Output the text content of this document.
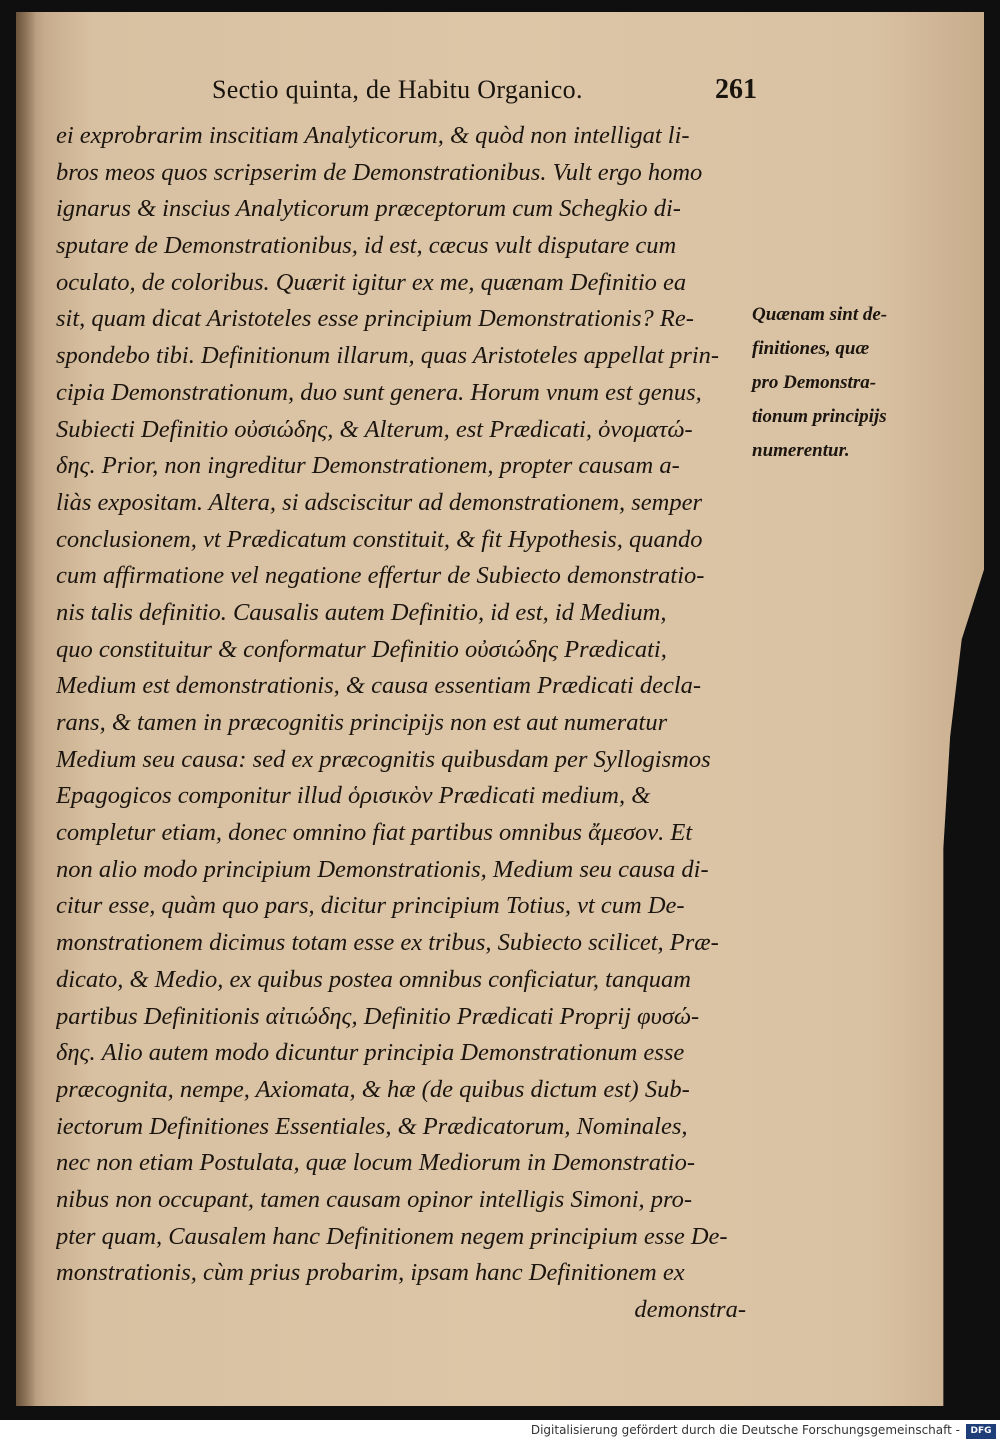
Sectio quinta, de Habitu Organico.	261
ei exprobrarim inscitiam Analyticorum, & quòd non intelligat li-
bros meos quos scripserim de Demonstrationibus. Vult ergo homo
ignarus & inscius Analyticorum præceptorum cum Schegkio di-
sputare de Demonstrationibus, id est, cæcus vult disputare cum
oculato, de coloribus. Quærit igitur ex me, quænam Definitio ea
sit, quam dicat Aristoteles esse principium Demonstrationis? Re-
spondebo tibi. Definitionum illarum, quas Aristoteles appellat prin-
cipia Demonstrationum, duo sunt genera. Horum vnum est genus,
Subiecti Definitio οὐσιώδης, & Alterum, est Prædicati, ὀνοματώ-
δης. Prior, non ingreditur Demonstrationem, propter causam a-
liàs expositam. Altera, si adsciscitur ad demonstrationem, semper
conclusionem, vt Prædicatum constituit, & fit Hypothesis, quando
cum affirmatione vel negatione effertur de Subiecto demonstratio-
nis talis definitio. Causalis autem Definitio, id est, id Medium,
quo constituitur & conformatur Definitio οὐσιώδης Prædicati,
Medium est demonstrationis, & causa essentiam Prædicati decla-
rans, & tamen in præcognitis principijs non est aut numeratur
Medium seu causa: sed ex præcognitis quibusdam per Syllogismos
Epagogicos componitur illud ὁρισικὸν Prædicati medium, &
completur etiam, donec omnino fiat partibus omnibus ἄμεσον. Et
non alio modo principium Demonstrationis, Medium seu causa di-
citur esse, quàm quo pars, dicitur principium Totius, vt cum De-
monstrationem dicimus totam esse ex tribus, Subiecto scilicet, Præ-
dicato, & Medio, ex quibus postea omnibus conficiatur, tanquam
partibus Definitionis αἰτιώδης, Definitio Prædicati Proprij φυσώ-
δης. Alio autem modo dicuntur principia Demonstrationum esse
præcognita, nempe, Axiomata, & hæ (de quibus dictum est) Sub-
iectorum Definitiones Essentiales, & Prædicatorum, Nominales,
nec non etiam Postulata, quæ locum Mediorum in Demonstratio-
nibus non occupant, tamen causam opinor intelligis Simoni, pro-
pter quam, Causalem hanc Definitionem negem principium esse De-
monstrationis, cùm prius probarim, ipsam hanc Definitionem ex
demonstra-
Quænam sint de-
finitiones, quæ
pro Demonstra-
tionum principijs
numerentur.
Digitalisierung gefördert durch die Deutsche Forschungsgemeinschaft -	DFG
